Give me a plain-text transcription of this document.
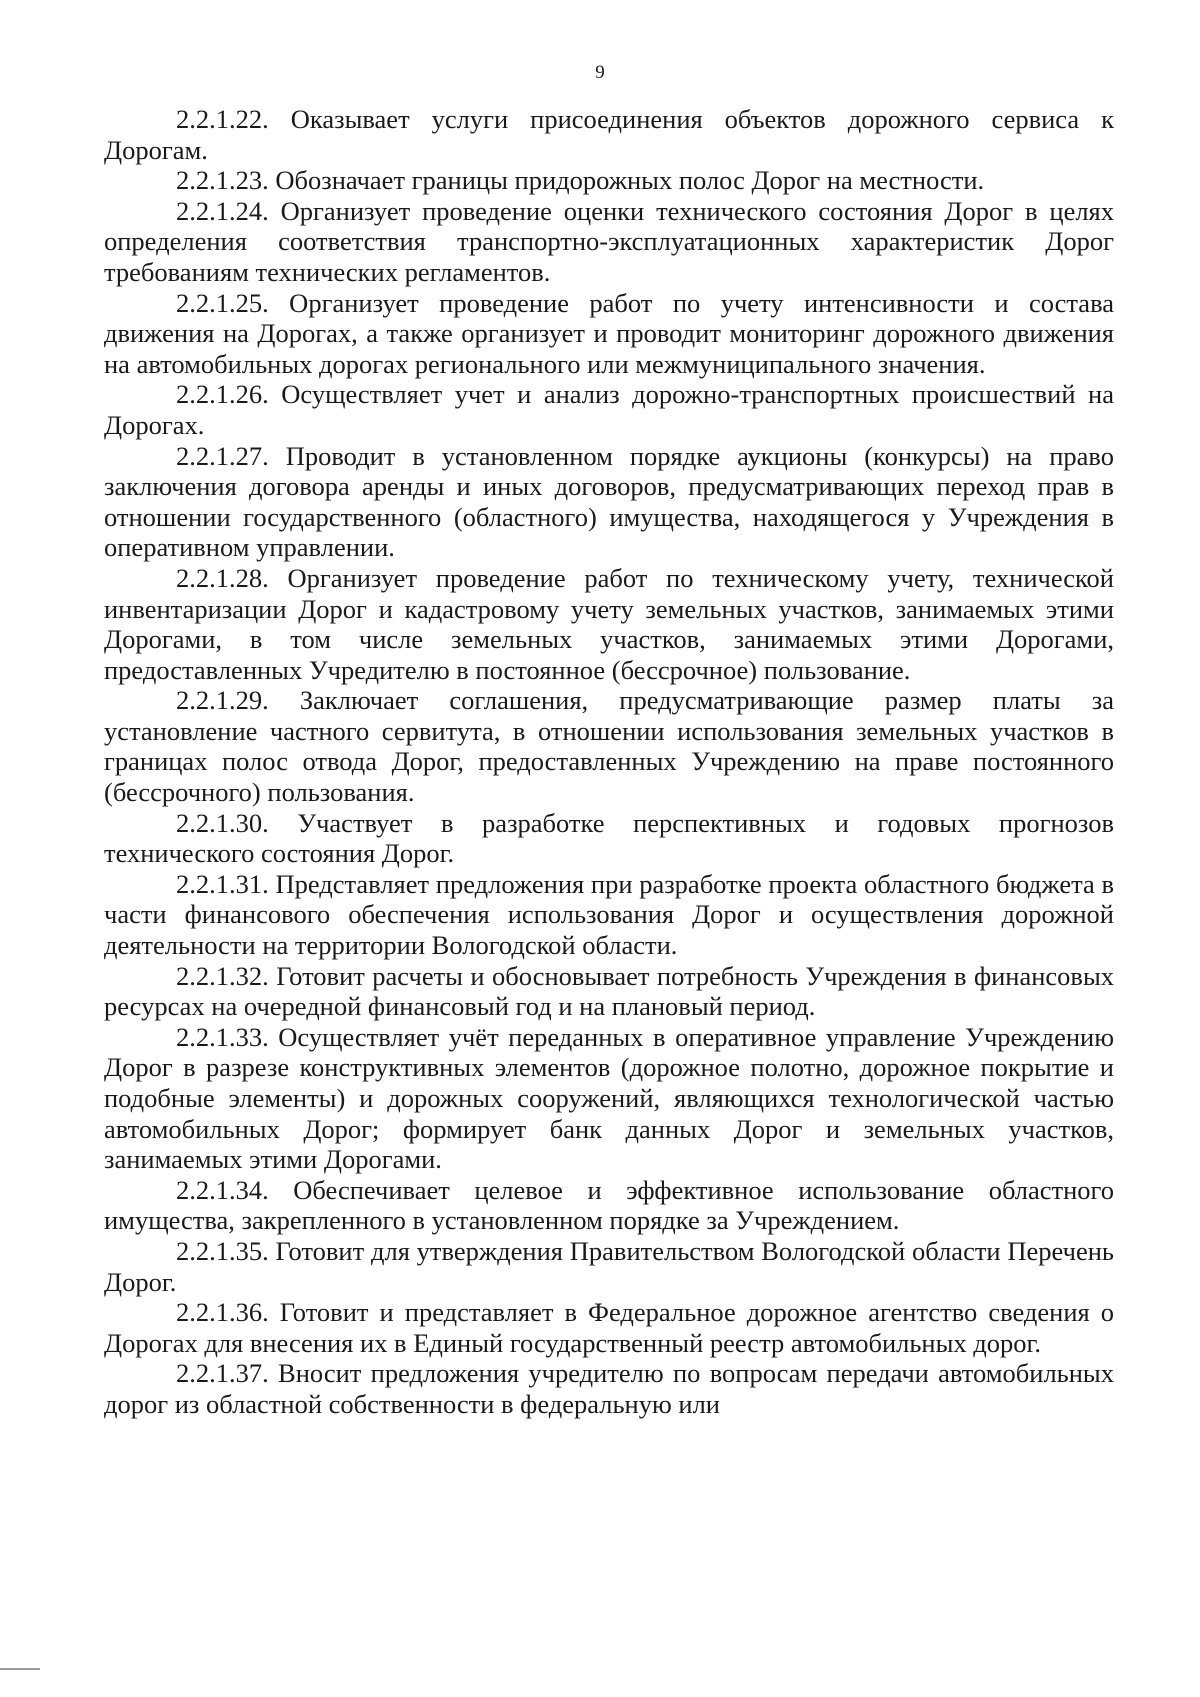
9

2.2.1.22. Оказывает услуги присоединения объектов дорожного сервиса к Дорогам.

2.2.1.23. Обозначает границы придорожных полос Дорог на местности.

2.2.1.24. Организует проведение оценки технического состояния Дорог в целях определения соответствия транспортно-эксплуатационных характеристик Дорог требованиям технических регламентов.

2.2.1.25. Организует проведение работ по учету интенсивности и состава движения на Дорогах, а также организует и проводит мониторинг дорожного движения на автомобильных дорогах регионального или межмуниципального значения.

2.2.1.26. Осуществляет учет и анализ дорожно-транспортных происшествий на Дорогах.

2.2.1.27. Проводит в установленном порядке аукционы (конкурсы) на право заключения договора аренды и иных договоров, предусматривающих переход прав в отношении государственного (областного) имущества, находящегося у Учреждения в оперативном управлении.

2.2.1.28. Организует проведение работ по техническому учету, технической инвентаризации Дорог и кадастровому учету земельных участков, занимаемых этими Дорогами, в том числе земельных участков, занимаемых этими Дорогами, предоставленных Учредителю в постоянное (бессрочное) пользование.

2.2.1.29. Заключает соглашения, предусматривающие размер платы за установление частного сервитута, в отношении использования земельных участков в границах полос отвода Дорог, предоставленных Учреждению на праве постоянного (бессрочного) пользования.

2.2.1.30. Участвует в разработке перспективных и годовых прогнозов технического состояния Дорог.

2.2.1.31. Представляет предложения при разработке проекта областного бюджета в части финансового обеспечения использования Дорог и осуществления дорожной деятельности на территории Вологодской области.

2.2.1.32. Готовит расчеты и обосновывает потребность Учреждения в финансовых ресурсах на очередной финансовый год и на плановый период.

2.2.1.33. Осуществляет учёт переданных в оперативное управление Учреждению Дорог в разрезе конструктивных элементов (дорожное полотно, дорожное покрытие и подобные элементы) и дорожных сооружений, являющихся технологической частью автомобильных Дорог; формирует банк данных Дорог и земельных участков, занимаемых этими Дорогами.

2.2.1.34. Обеспечивает целевое и эффективное использование областного имущества, закрепленного в установленном порядке за Учреждением.

2.2.1.35. Готовит для утверждения Правительством Вологодской области Перечень Дорог.

2.2.1.36. Готовит и представляет в Федеральное дорожное агентство сведения о Дорогах для внесения их в Единый государственный реестр автомобильных дорог.

2.2.1.37. Вносит предложения учредителю по вопросам передачи автомобильных дорог из областной собственности в федеральную или
